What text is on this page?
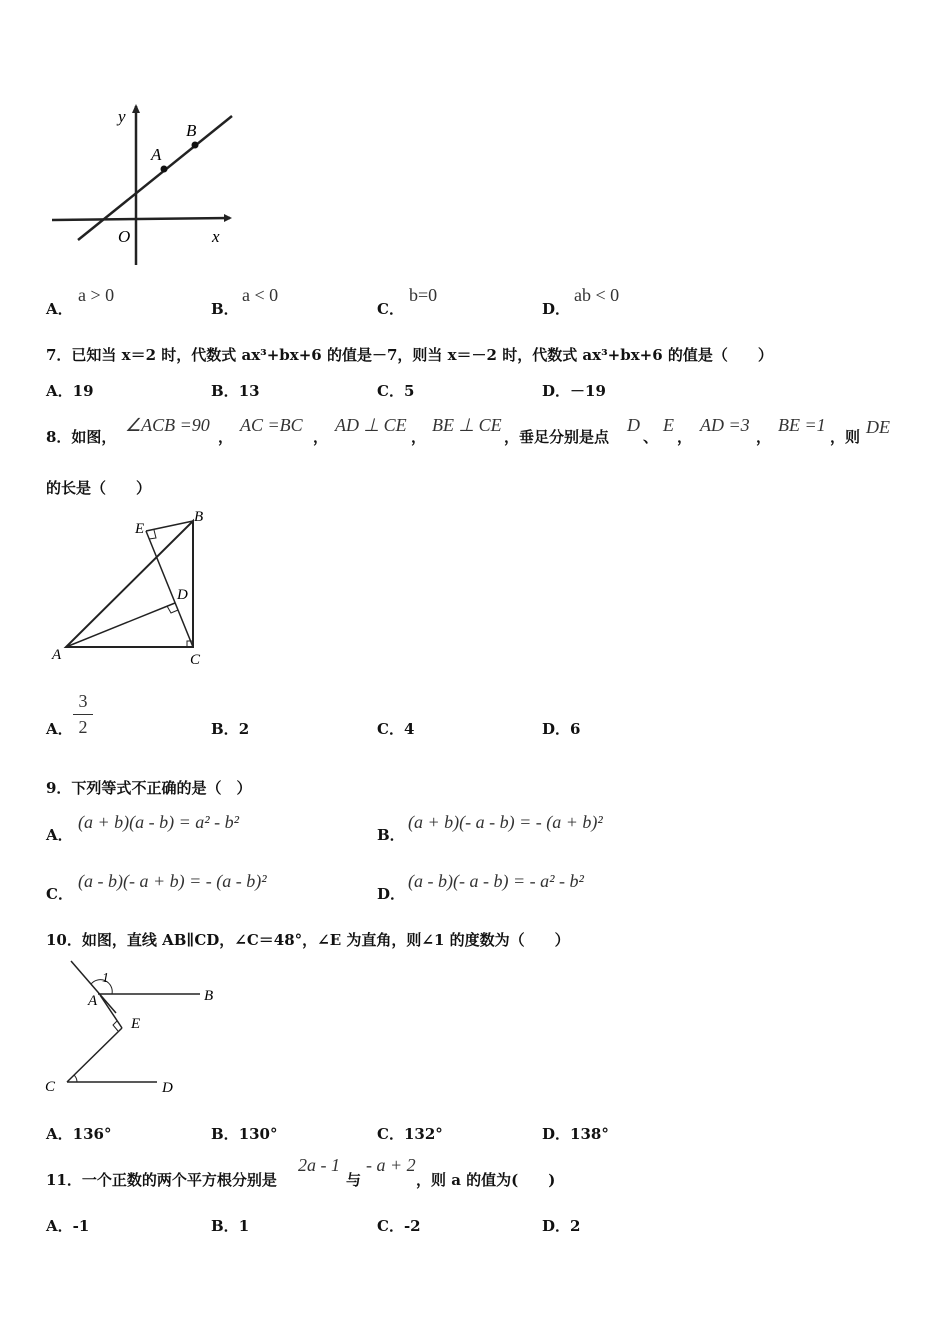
y
x
O
A
B
A．
a > 0
B．
a < 0
C．
b=0
D．
ab < 0
7．已知当 x＝2 时，代数式 ax³+bx+6 的值是－7，则当 x＝－2 时，代数式 ax³+bx+6 的值是（　　）
A．19	B．13	C．5	D．－19
8．如图，
∠ACB =90
，
AC =BC
，
AD ⊥ CE
，
BE ⊥ CE
，垂足分别是点
D
、
E
，
AD =3
，
BE =1
，则 DE
的长是（　　）
A
B
C
D
E
A．
3
2	B．2	C．4	D．6
9．下列等式不正确的是（　）
A．
(a + b)(a - b) = a² - b²
B．
(a + b)(- a - b) = - (a + b)²
C．
(a - b)(- a + b) = - (a - b)²
D．
(a - b)(- a - b) = - a² - b²
10．如图，直线 AB∥CD，∠C＝48°，∠E 为直角，则∠1 的度数为（　　）
1
A	B
E
C	D
A．136°	B．130°	C．132°	D．138°
11．一个正数的两个平方根分别是
2a - 1
与
- a + 2
，则 a 的值为(　　)
A．-1	B．1	C．-2	D．2
